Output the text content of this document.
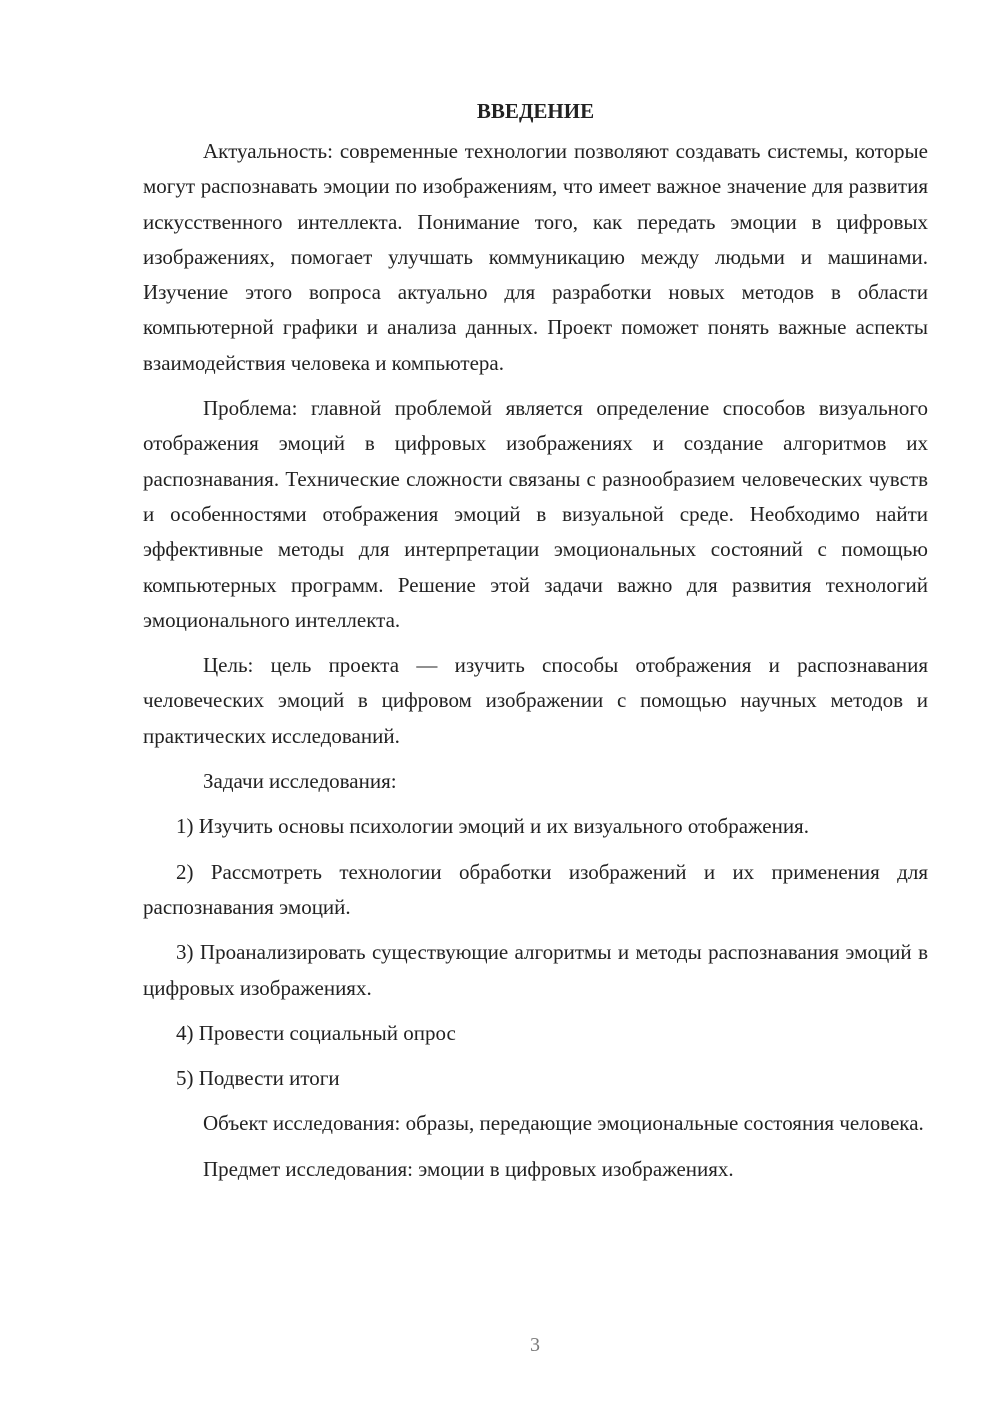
ВВЕДЕНИЕ

Актуальность: современные технологии позволяют создавать системы, которые могут распознавать эмоции по изображениям, что имеет важное значение для развития искусственного интеллекта. Понимание того, как передать эмоции в цифровых изображениях, помогает улучшать коммуникацию между людьми и машинами. Изучение этого вопроса актуально для разработки новых методов в области компьютерной графики и анализа данных. Проект поможет понять важные аспекты взаимодействия человека и компьютера.

Проблема: главной проблемой является определение способов визуального отображения эмоций в цифровых изображениях и создание алгоритмов их распознавания. Технические сложности связаны с разнообразием человеческих чувств и особенностями отображения эмоций в визуальной среде. Необходимо найти эффективные методы для интерпретации эмоциональных состояний с помощью компьютерных программ. Решение этой задачи важно для развития технологий эмоционального интеллекта.

Цель: цель проекта — изучить способы отображения и распознавания человеческих эмоций в цифровом изображении с помощью научных методов и практических исследований.

Задачи исследования:

1) Изучить основы психологии эмоций и их визуального отображения.

2) Рассмотреть технологии обработки изображений и их применения для распознавания эмоций.

3) Проанализировать существующие алгоритмы и методы распознавания эмоций в цифровых изображениях.

4) Провести социальный опрос

5) Подвести итоги

Объект исследования: образы, передающие эмоциональные состояния человека.

Предмет исследования: эмоции в цифровых изображениях.

3
